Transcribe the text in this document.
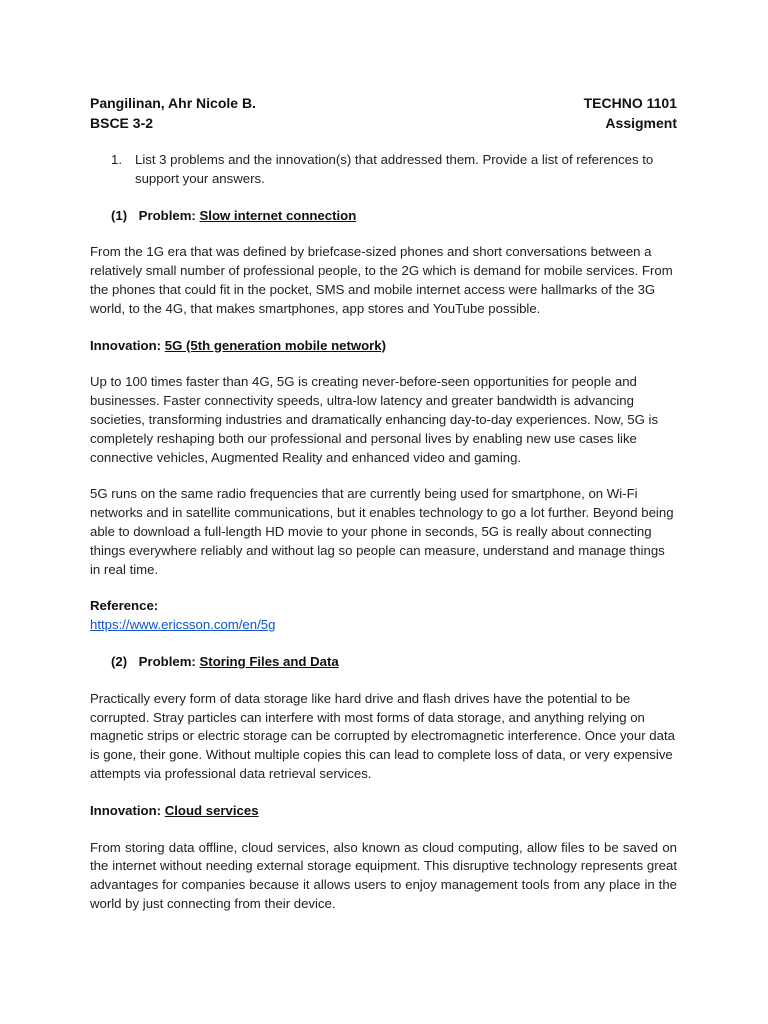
Pangilinan, Ahr Nicole B.	TECHNO 1101
BSCE 3-2	Assigment
1. List 3 problems and the innovation(s) that addressed them. Provide a list of references to support your answers.
(1) Problem: Slow internet connection
From the 1G era that was defined by briefcase-sized phones and short conversations between a relatively small number of professional people, to the 2G which is demand for mobile services. From the phones that could fit in the pocket, SMS and mobile internet access were hallmarks of the 3G world, to the 4G, that makes smartphones, app stores and YouTube possible.
Innovation: 5G (5th generation mobile network)
Up to 100 times faster than 4G, 5G is creating never-before-seen opportunities for people and businesses. Faster connectivity speeds, ultra-low latency and greater bandwidth is advancing societies, transforming industries and dramatically enhancing day-to-day experiences. Now, 5G is completely reshaping both our professional and personal lives by enabling new use cases like connective vehicles, Augmented Reality and enhanced video and gaming.
5G runs on the same radio frequencies that are currently being used for smartphone, on Wi-Fi networks and in satellite communications, but it enables technology to go a lot further. Beyond being able to download a full-length HD movie to your phone in seconds, 5G is really about connecting things everywhere reliably and without lag so people can measure, understand and manage things in real time.
Reference:
https://www.ericsson.com/en/5g
(2) Problem: Storing Files and Data
Practically every form of data storage like hard drive and flash drives have the potential to be corrupted. Stray particles can interfere with most forms of data storage, and anything relying on magnetic strips or electric storage can be corrupted by electromagnetic interference. Once your data is gone, their gone. Without multiple copies this can lead to complete loss of data, or very expensive attempts via professional data retrieval services.
Innovation: Cloud services
From storing data offline, cloud services, also known as cloud computing, allow files to be saved on the internet without needing external storage equipment. This disruptive technology represents great advantages for companies because it allows users to enjoy management tools from any place in the world by just connecting from their device.
